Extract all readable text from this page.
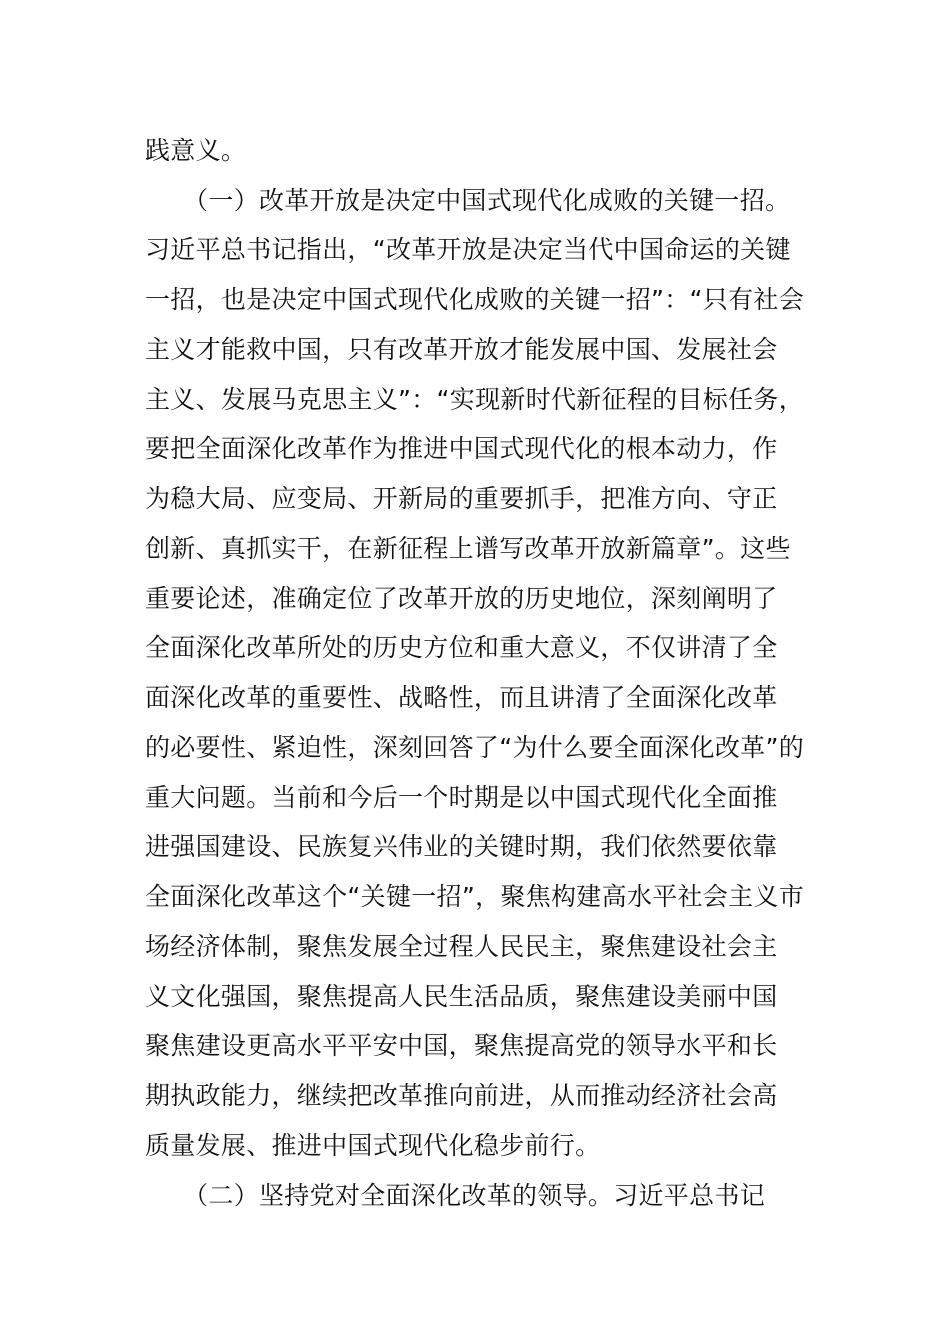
践意义。
　　（一）改革开放是决定中国式现代化成败的关键一招。
习近平总书记指出，“改革开放是决定当代中国命运的关键
一招，也是决定中国式现代化成败的关键一招”：“只有社会
主义才能救中国，只有改革开放才能发展中国、发展社会
主义、发展马克思主义”：“实现新时代新征程的目标任务，
要把全面深化改革作为推进中国式现代化的根本动力，作
为稳大局、应变局、开新局的重要抓手，把准方向、守正
创新、真抓实干，在新征程上谱写改革开放新篇章”。这些
重要论述，准确定位了改革开放的历史地位，深刻阐明了
全面深化改革所处的历史方位和重大意义，不仅讲清了全
面深化改革的重要性、战略性，而且讲清了全面深化改革
的必要性、紧迫性，深刻回答了“为什么要全面深化改革”的
重大问题。当前和今后一个时期是以中国式现代化全面推
进强国建设、民族复兴伟业的关键时期，我们依然要依靠
全面深化改革这个“关键一招”，聚焦构建高水平社会主义市
场经济体制，聚焦发展全过程人民民主，聚焦建设社会主
义文化强国，聚焦提高人民生活品质，聚焦建设美丽中国
聚焦建设更高水平平安中国，聚焦提高党的领导水平和长
期执政能力，继续把改革推向前进，从而推动经济社会高
质量发展、推进中国式现代化稳步前行。
　　（二）坚持党对全面深化改革的领导。习近平总书记
